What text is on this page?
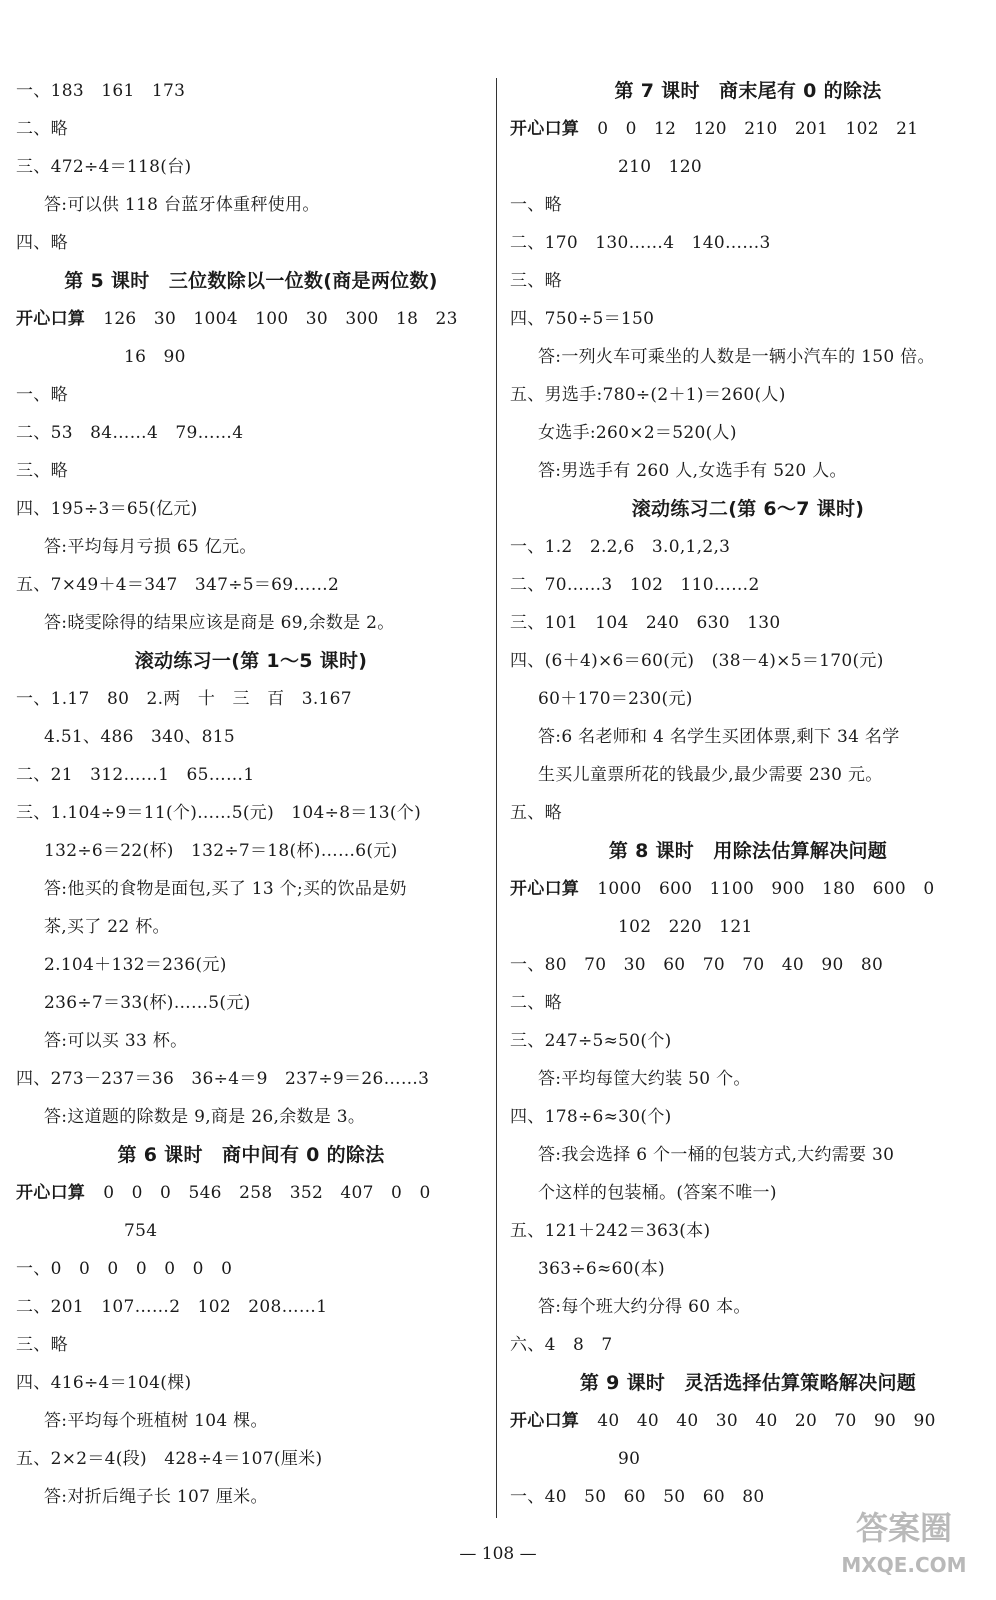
一、183　161　173
二、略
三、472÷4＝118(台)
答:可以供 118 台蓝牙体重秤使用。
四、略
第 5 课时　三位数除以一位数(商是两位数)
开心口算 126　30　1004　100　30　300　18　23
16　90
一、略
二、53　84……4　79……4
三、略
四、195÷3＝65(亿元)
答:平均每月亏损 65 亿元。
五、7×49＋4＝347　347÷5＝69……2
答:晓雯除得的结果应该是商是 69,余数是 2。
滚动练习一(第 1～5 课时)
一、1.17　80　2.两　十　三　百　3.167
4.51、486　340、815
二、21　312……1　65……1
三、1.104÷9＝11(个)……5(元)　104÷8＝13(个)
132÷6＝22(杯)　132÷7＝18(杯)……6(元)
答:他买的食物是面包,买了 13 个;买的饮品是奶
茶,买了 22 杯。
2.104＋132＝236(元)
236÷7＝33(杯)……5(元)
答:可以买 33 杯。
四、273－237＝36　36÷4＝9　237÷9＝26……3
答:这道题的除数是 9,商是 26,余数是 3。
第 6 课时　商中间有 0 的除法
开心口算 0　0　0　546　258　352　407　0　0
754
一、0　0　0　0　0　0　0
二、201　107……2　102　208……1
三、略
四、416÷4＝104(棵)
答:平均每个班植树 104 棵。
五、2×2＝4(段)　428÷4＝107(厘米)
答:对折后绳子长 107 厘米。
第 7 课时　商末尾有 0 的除法
开心口算 0　0　12　120　210　201　102　21
210　120
一、略
二、170　130……4　140……3
三、略
四、750÷5＝150
答:一列火车可乘坐的人数是一辆小汽车的 150 倍。
五、男选手:780÷(2＋1)＝260(人)
女选手:260×2＝520(人)
答:男选手有 260 人,女选手有 520 人。
滚动练习二(第 6～7 课时)
一、1.2　2.2,6　3.0,1,2,3
二、70……3　102　110……2
三、101　104　240　630　130
四、(6＋4)×6＝60(元)　(38－4)×5＝170(元)
60＋170＝230(元)
答:6 名老师和 4 名学生买团体票,剩下 34 名学
生买儿童票所花的钱最少,最少需要 230 元。
五、略
第 8 课时　用除法估算解决问题
开心口算 1000　600　1100　900　180　600　0
102　220　121
一、80　70　30　60　70　70　40　90　80
二、略
三、247÷5≈50(个)
答:平均每筐大约装 50 个。
四、178÷6≈30(个)
答:我会选择 6 个一桶的包装方式,大约需要 30
个这样的包装桶。(答案不唯一)
五、121＋242＝363(本)
363÷6≈60(本)
答:每个班大约分得 60 本。
六、4　8　7
第 9 课时　灵活选择估算策略解决问题
开心口算 40　40　40　30　40　20　70　90　90
90
一、40　50　60　50　60　80
— 108 —
答案圈
MXQE.COM
